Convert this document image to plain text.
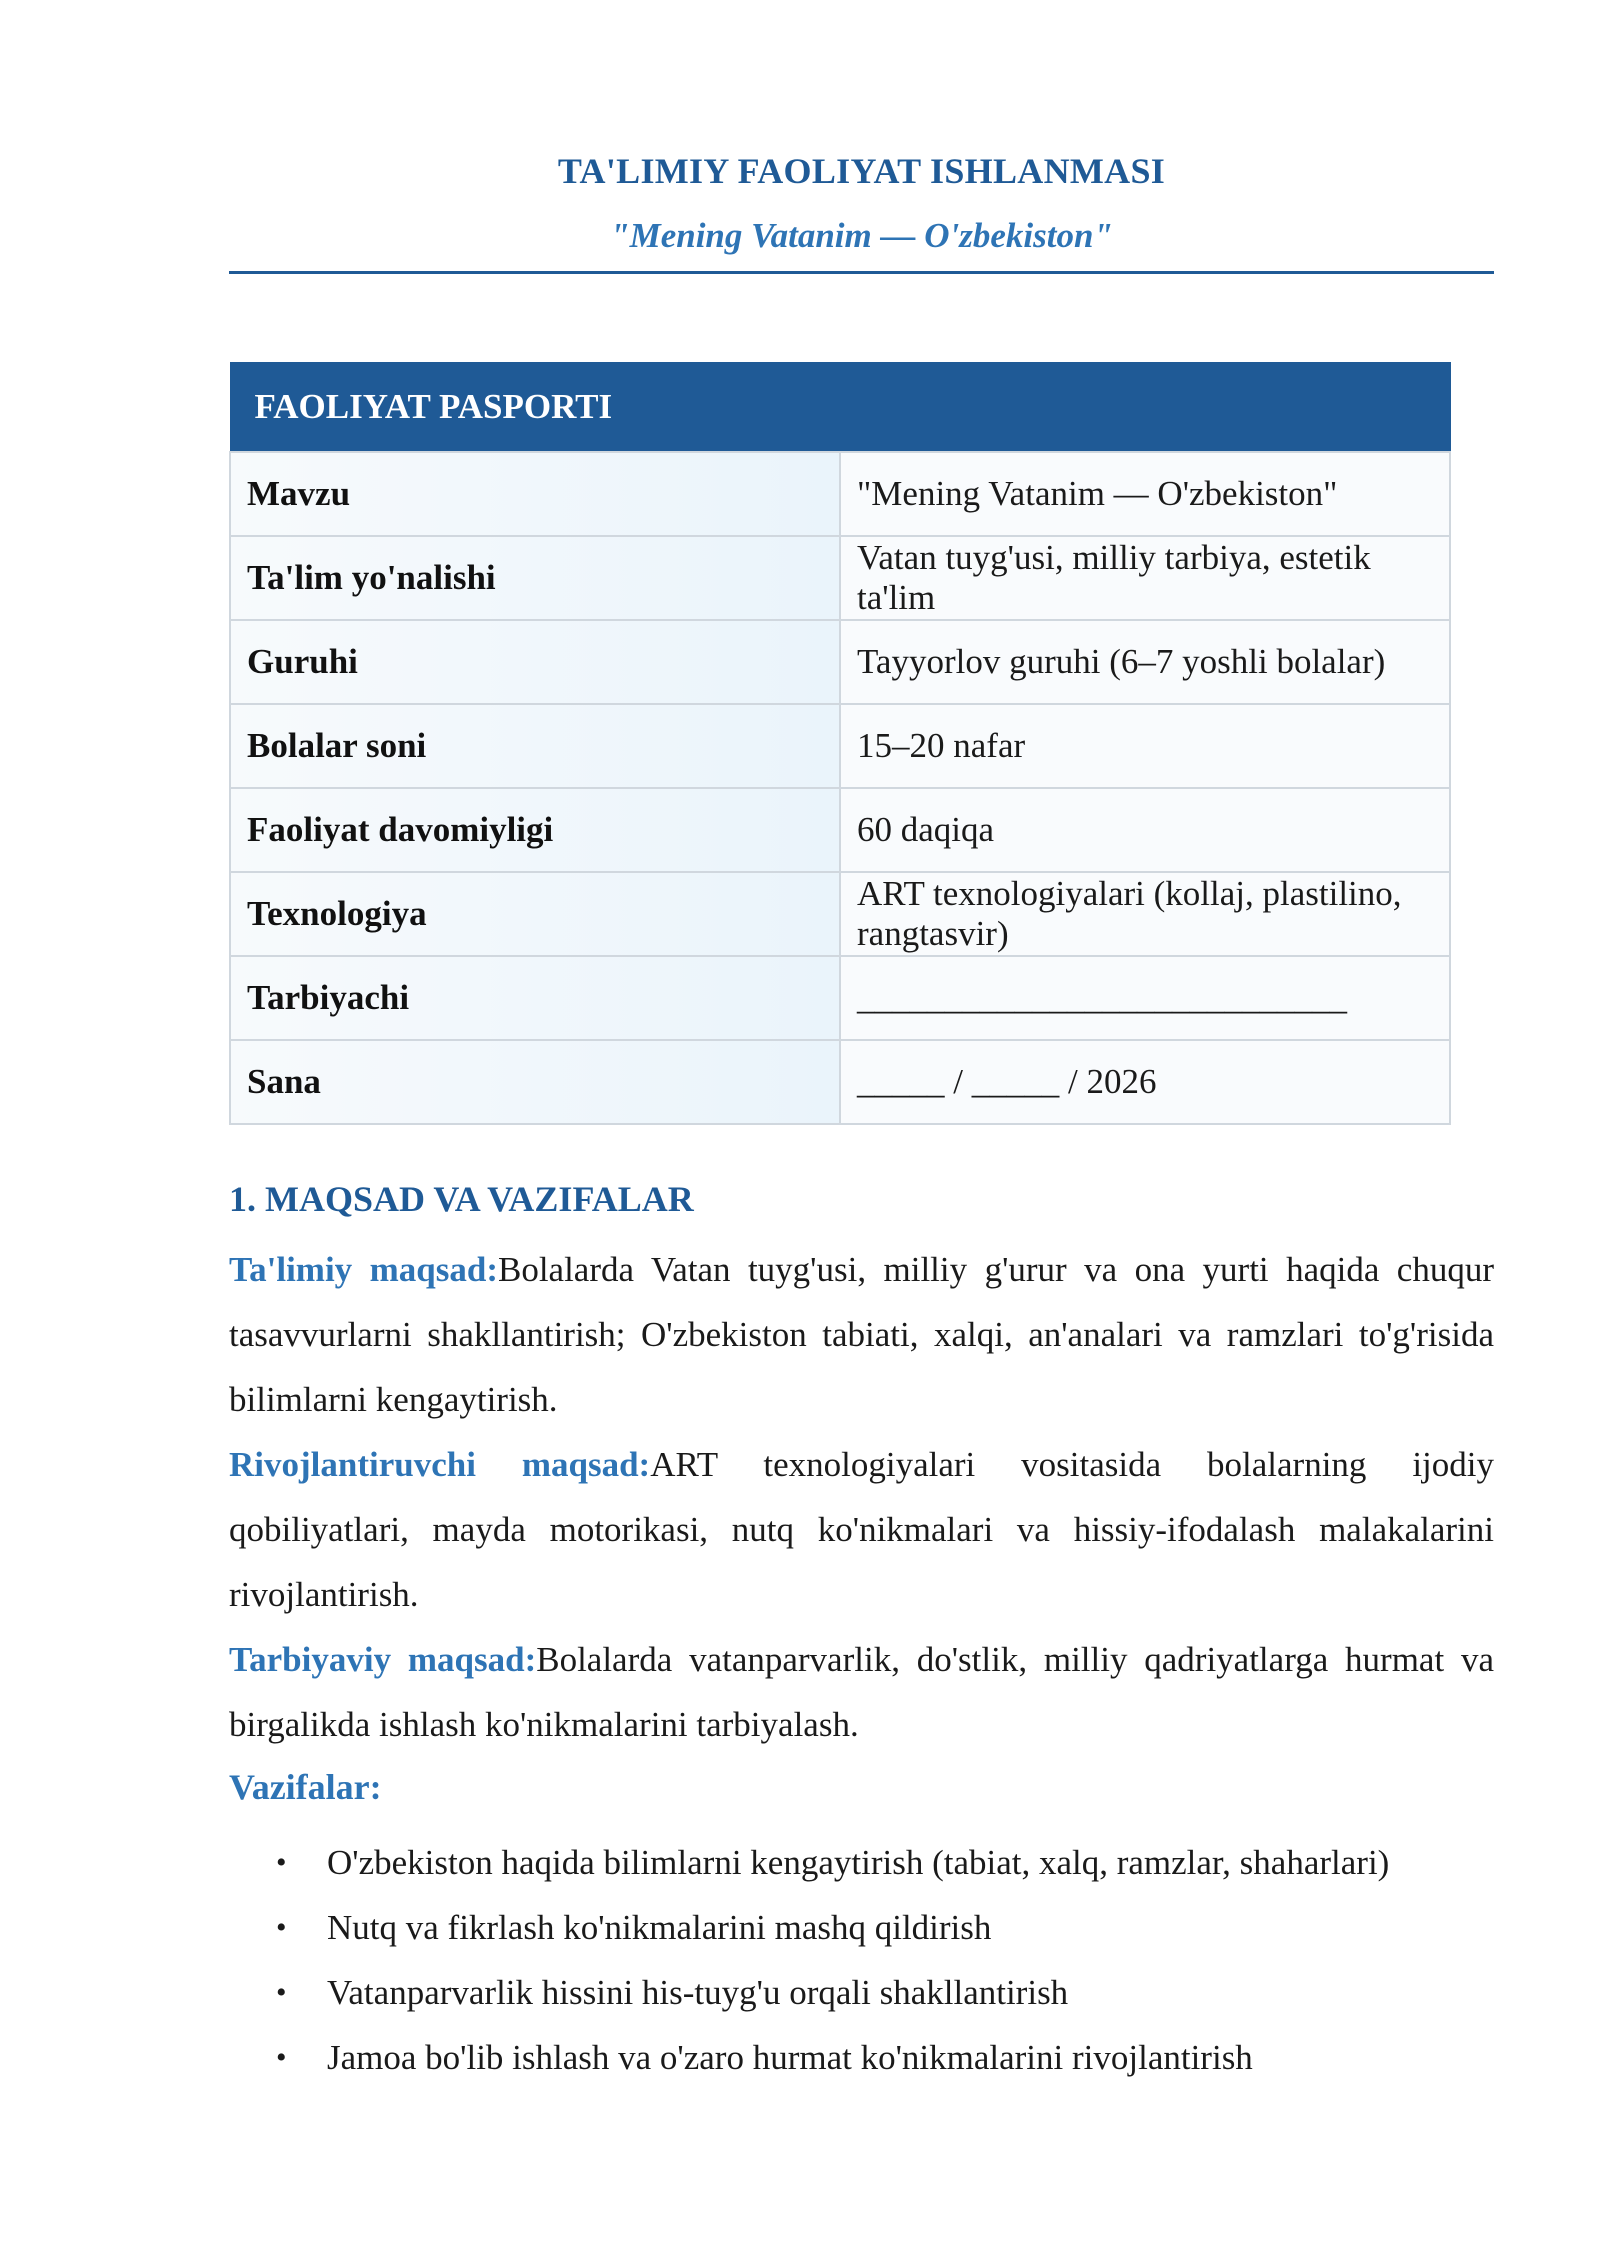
TA'LIMIY FAOLIYAT ISHLANMASI
"Mening Vatanim — O'zbekiston"
FAOLIYAT PASPORTI	
Mavzu	"Mening Vatanim — O'zbekiston"
Ta'lim yo'nalishi	Vatan tuyg'usi, milliy tarbiya, estetik ta'lim
Guruhi	Tayyorlov guruhi (6–7 yoshli bolalar)
Bolalar soni	15–20 nafar
Faoliyat davomiyligi	60 daqiqa
Texnologiya	ART texnologiyalari (kollaj, plastilino, rangtasvir)
Tarbiyachi	____________________________
Sana	_____ / _____ / 2026
1. MAQSAD VA VAZIFALAR
Ta'limiy maqsad:Bolalarda Vatan tuyg'usi, milliy g'urur va ona yurti haqida chuqur tasavvurlarni shakllantirish; O'zbekiston tabiati, xalqi, an'analari va ramzlari to'g'risida bilimlarni kengaytirish.
Rivojlantiruvchi maqsad:ART texnologiyalari vositasida bolalarning ijodiy qobiliyatlari, mayda motorikasi, nutq ko'nikmalari va hissiy-ifodalash malakalarini rivojlantirish.
Tarbiyaviy maqsad:Bolalarda vatanparvarlik, do'stlik, milliy qadriyatlarga hurmat va birgalikda ishlash ko'nikmalarini tarbiyalash.
Vazifalar:
• O'zbekiston haqida bilimlarni kengaytirish (tabiat, xalq, ramzlar, shaharlari)
• Nutq va fikrlash ko'nikmalarini mashq qildirish
• Vatanparvarlik hissini his-tuyg'u orqali shakllantirish
• Jamoa bo'lib ishlash va o'zaro hurmat ko'nikmalarini rivojlantirish
